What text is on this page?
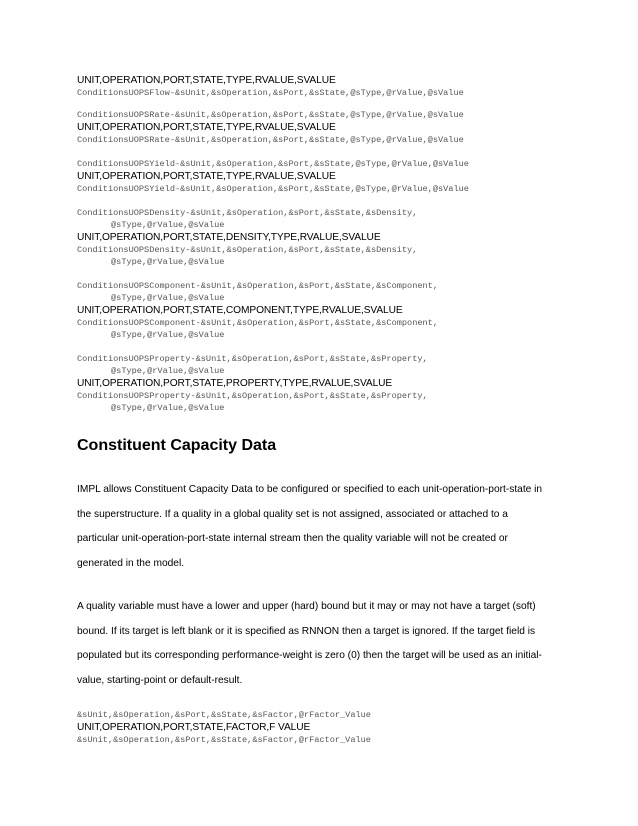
UNIT,OPERATION,PORT,STATE,TYPE,RVALUE,SVALUE

ConditionsUOPSFlow-&sUnit,&sOperation,&sPort,&sState,@sType,@rValue,@sValue

ConditionsUOPSRate-&sUnit,&sOperation,&sPort,&sState,@sType,@rValue,@sValue

UNIT,OPERATION,PORT,STATE,TYPE,RVALUE,SVALUE

ConditionsUOPSRate-&sUnit,&sOperation,&sPort,&sState,@sType,@rValue,@sValue

ConditionsUOPSYield-&sUnit,&sOperation,&sPort,&sState,@sType,@rValue,@sValue

UNIT,OPERATION,PORT,STATE,TYPE,RVALUE,SVALUE

ConditionsUOPSYield-&sUnit,&sOperation,&sPort,&sState,@sType,@rValue,@sValue

ConditionsUOPSDensity-&sUnit,&sOperation,&sPort,&sState,&sDensity,

@sType,@rValue,@sValue

UNIT,OPERATION,PORT,STATE,DENSITY,TYPE,RVALUE,SVALUE

ConditionsUOPSDensity-&sUnit,&sOperation,&sPort,&sState,&sDensity,

@sType,@rValue,@sValue

ConditionsUOPSComponent-&sUnit,&sOperation,&sPort,&sState,&sComponent,

@sType,@rValue,@sValue

UNIT,OPERATION,PORT,STATE,COMPONENT,TYPE,RVALUE,SVALUE

ConditionsUOPSComponent-&sUnit,&sOperation,&sPort,&sState,&sComponent,

@sType,@rValue,@sValue

ConditionsUOPSProperty-&sUnit,&sOperation,&sPort,&sState,&sProperty,

@sType,@rValue,@sValue

UNIT,OPERATION,PORT,STATE,PROPERTY,TYPE,RVALUE,SVALUE

ConditionsUOPSProperty-&sUnit,&sOperation,&sPort,&sState,&sProperty,

@sType,@rValue,@sValue

Constituent Capacity Data

IMPL allows Constituent Capacity Data to be configured or specified to each unit-operation-port-state in

the superstructure. If a quality in a global quality set is not assigned, associated or attached to a

particular unit-operation-port-state internal stream then the quality variable will not be created or

generated in the model.

A quality variable must have a lower and upper (hard) bound but it may or may not have a target (soft)

bound. If its target is left blank or it is specified as RNNON then a target is ignored. If the target field is

populated but its corresponding performance-weight is zero (0) then the target will be used as an initial-

value, starting-point or default-result.

&sUnit,&sOperation,&sPort,&sState,&sFactor,@rFactor_Value

UNIT,OPERATION,PORT,STATE,FACTOR,F VALUE

&sUnit,&sOperation,&sPort,&sState,&sFactor,@rFactor_Value
